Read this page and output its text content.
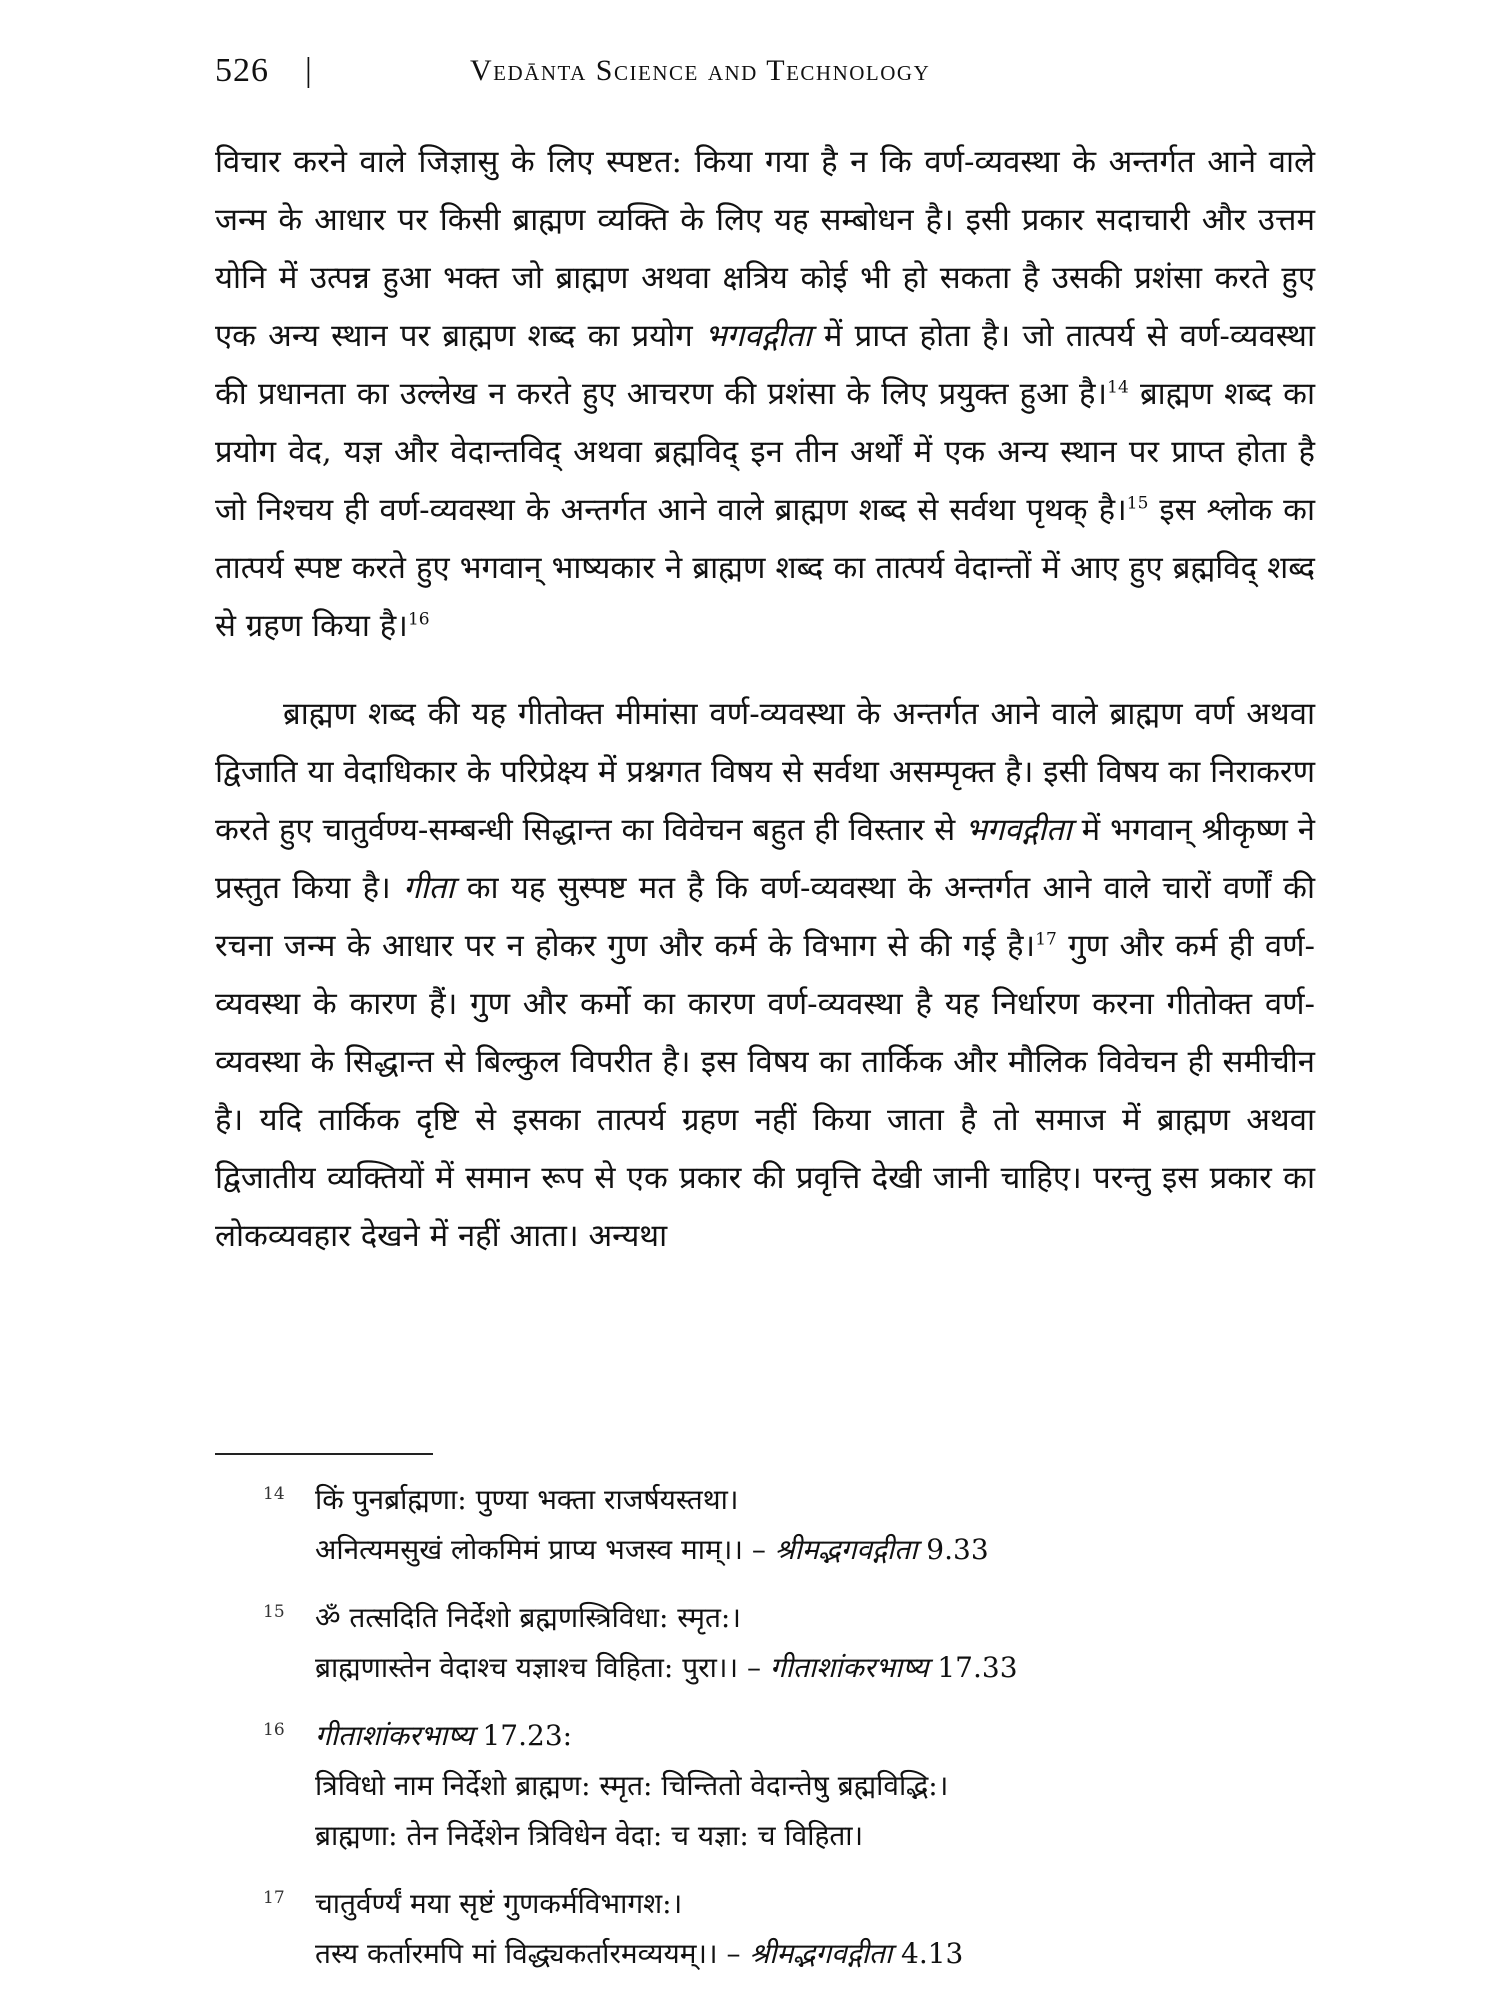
526 |	Vedānta Science and Technology

विचार करने वाले जिज्ञासु के लिए स्पष्टत: किया गया है न कि वर्ण-व्यवस्था के अन्तर्गत आने वाले जन्म के आधार पर किसी ब्राह्मण व्यक्ति के लिए यह सम्बोधन है। इसी प्रकार सदाचारी और उत्तम योनि में उत्पन्न हुआ भक्त जो ब्राह्मण अथवा क्षत्रिय कोई भी हो सकता है उसकी प्रशंसा करते हुए एक अन्य स्थान पर ब्राह्मण शब्द का प्रयोग भगवद्गीता में प्राप्त होता है। जो तात्पर्य से वर्ण-व्यवस्था की प्रधानता का उल्लेख न करते हुए आचरण की प्रशंसा के लिए प्रयुक्त हुआ है।$^{14}$ ब्राह्मण शब्द का प्रयोग वेद, यज्ञ और वेदान्तविद् अथवा ब्रह्मविद् इन तीन अर्थों में एक अन्य स्थान पर प्राप्त होता है जो निश्चय ही वर्ण-व्यवस्था के अन्तर्गत आने वाले ब्राह्मण शब्द से सर्वथा पृथक् है।$^{15}$ इस श्लोक का तात्पर्य स्पष्ट करते हुए भगवान् भाष्यकार ने ब्राह्मण शब्द का तात्पर्य वेदान्तों में आए हुए ब्रह्मविद् शब्द से ग्रहण किया है।$^{16}$

ब्राह्मण शब्द की यह गीतोक्त मीमांसा वर्ण-व्यवस्था के अन्तर्गत आने वाले ब्राह्मण वर्ण अथवा द्विजाति या वेदाधिकार के परिप्रेक्ष्य में प्रश्नगत विषय से सर्वथा असम्पृक्त है। इसी विषय का निराकरण करते हुए चातुर्वण्य-सम्बन्धी सिद्धान्त का विवेचन बहुत ही विस्तार से भगवद्गीता में भगवान् श्रीकृष्ण ने प्रस्तुत किया है। गीता का यह सुस्पष्ट मत है कि वर्ण-व्यवस्था के अन्तर्गत आने वाले चारों वर्णों की रचना जन्म के आधार पर न होकर गुण और कर्म के विभाग से की गई है।$^{17}$ गुण और कर्म ही वर्ण-व्यवस्था के कारण हैं। गुण और कर्मो का कारण वर्ण-व्यवस्था है यह निर्धारण करना गीतोक्त वर्ण-व्यवस्था के सिद्धान्त से बिल्कुल विपरीत है। इस विषय का तार्किक और मौलिक विवेचन ही समीचीन है। यदि तार्किक दृष्टि से इसका तात्पर्य ग्रहण नहीं किया जाता है तो समाज में ब्राह्मण अथवा द्विजातीय व्यक्तियों में समान रूप से एक प्रकार की प्रवृत्ति देखी जानी चाहिए। परन्तु इस प्रकार का लोकव्यवहार देखने में नहीं आता। अन्यथा

14 किं पुनर्ब्राह्मणा: पुण्या भक्ता राजर्षयस्तथा।
अनित्यमसुखं लोकमिमं प्राप्य भजस्व माम्।। – श्रीमद्भगवद्गीता 9.33
15 ॐ तत्सदिति निर्देशो ब्रह्मणस्त्रिविधा: स्मृत:।
ब्राह्मणास्तेन वेदाश्च यज्ञाश्च विहिता: पुरा।। – गीताशांकरभाष्य 17.33
16 गीताशांकरभाष्य 17.23:
त्रिविधो नाम निर्देशो ब्राह्मण: स्मृत: चिन्तितो वेदान्तेषु ब्रह्मविद्भि:।
ब्राह्मणा: तेन निर्देशेन त्रिविधेन वेदा: च यज्ञा: च विहिता।
17 चातुर्वर्ण्यं मया सृष्टं गुणकर्मविभागश:।
तस्य कर्तारमपि मां विद्ध्यकर्तारमव्ययम्।। – श्रीमद्भगवद्गीता 4.13
